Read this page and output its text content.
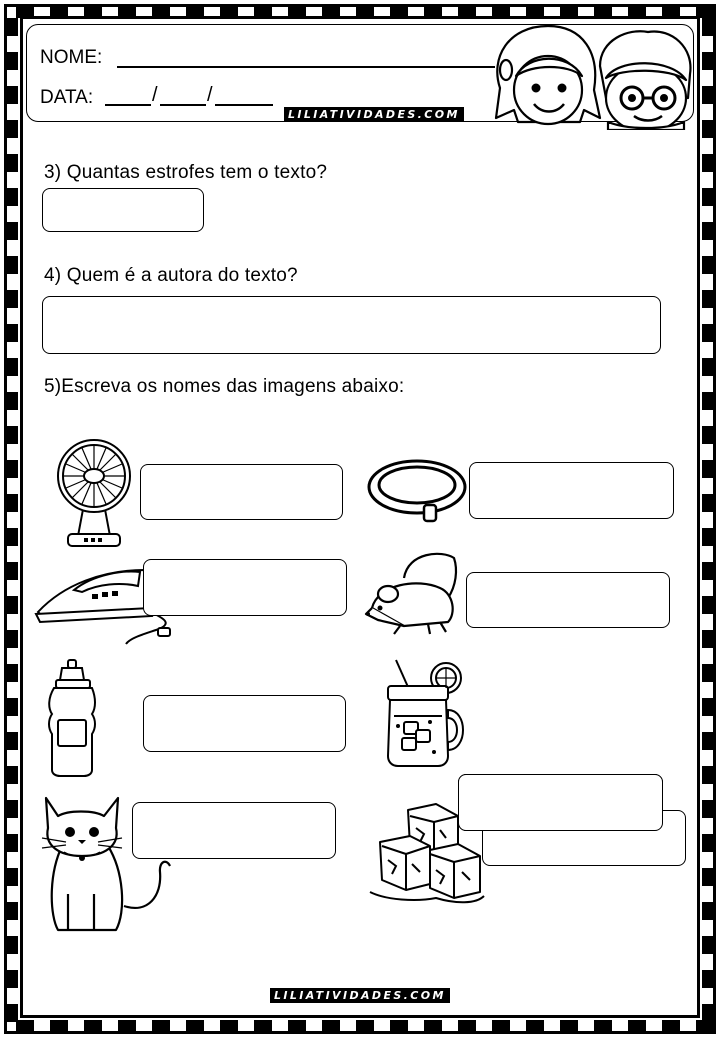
NOME:
DATA:	/ /
LILIATIVIDADES.COM
3) Quantas estrofes tem o texto?
4) Quem é a autora do texto?
5)Escreva os nomes das imagens abaixo:
LILIATIVIDADES.COM
